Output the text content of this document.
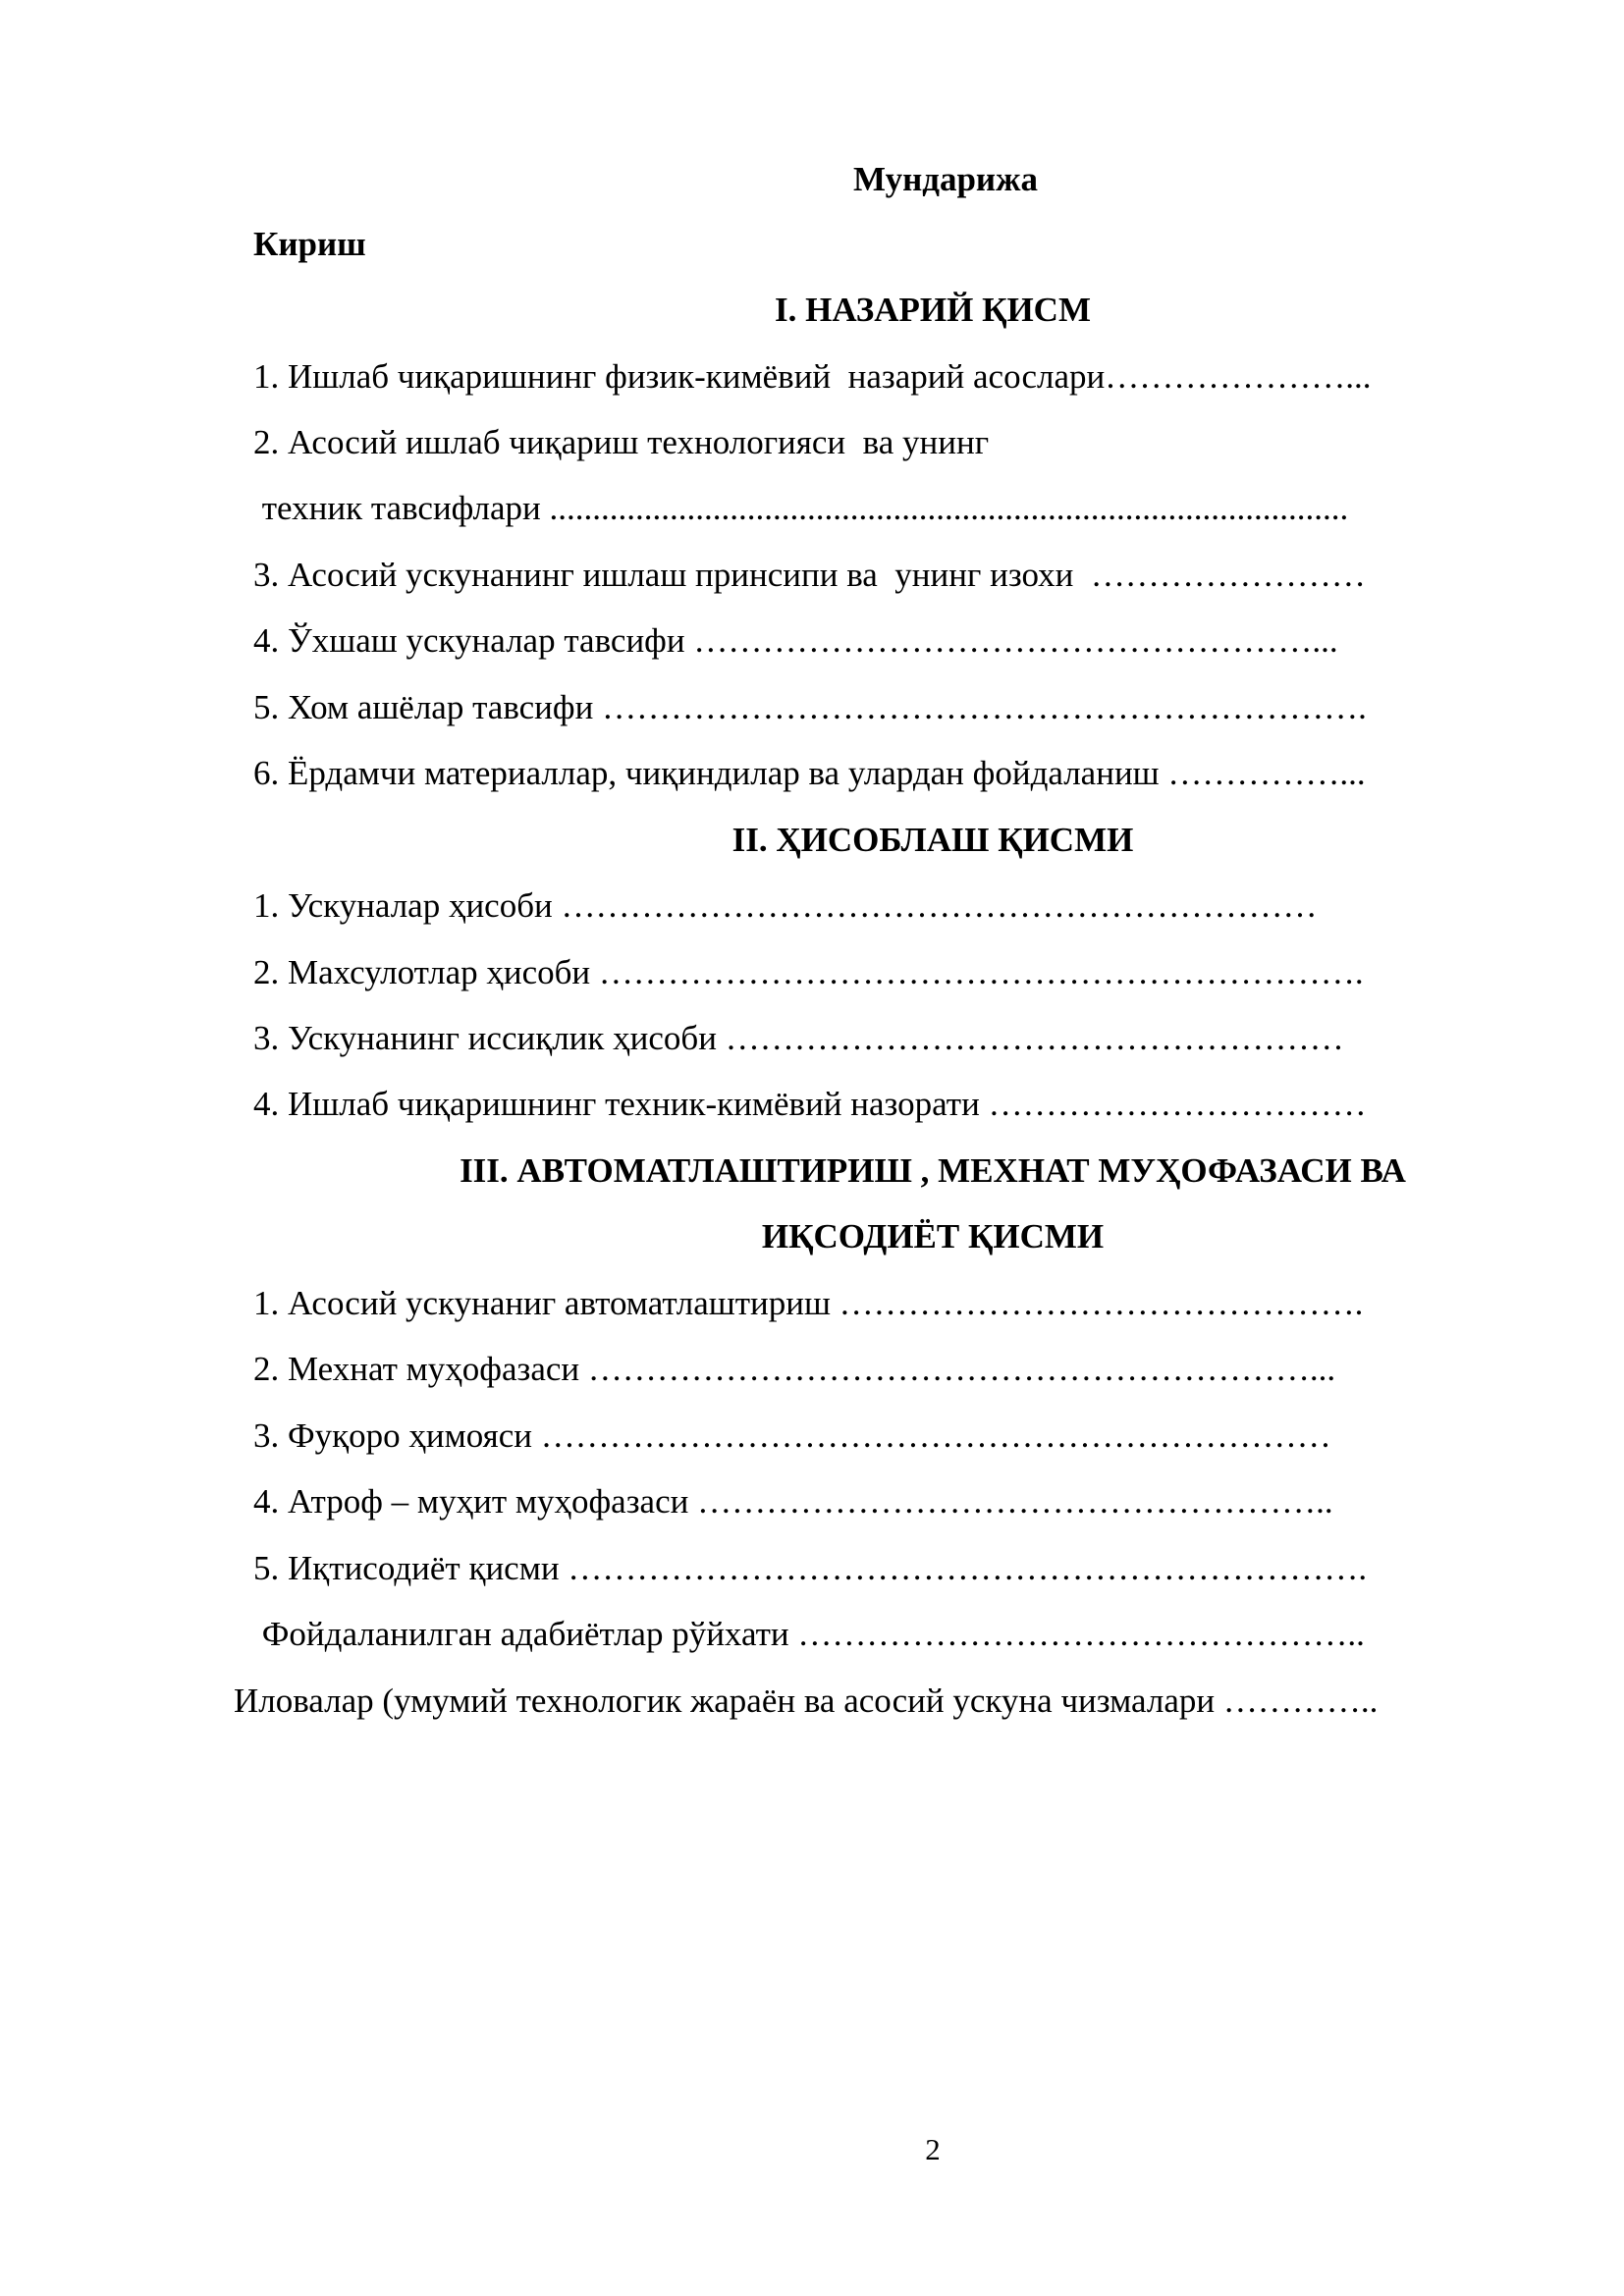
Мундарижа
Кириш
I. НАЗАРИЙ ҚИСМ
1. Ишлаб чиқаришнинг физик-кимёвий  назарий асослари…………………...
2. Асосий ишлаб чиқариш технологияси  ва унинг
техник тавсифлари .............................................................................................
3. Асосий ускунанинг ишлаш принсипи ва  унинг изохи  ……………………
4. Ўхшаш ускуналар тавсифи ………………………………………………...
5. Хом ашёлар тавсифи ………………………………………………………….
6. Ёрдамчи материаллар, чиқиндилар ва улардан фойдаланиш ……………...
II. ҲИСОБЛАШ ҚИСМИ
1. Ускуналар ҳисоби …………………………………………………………
2. Махсулотлар ҳисоби ………………………………………………………….
3. Ускунанинг иссиқлик ҳисоби ………………………………………………
4. Ишлаб чиқаришнинг техник-кимёвий назорати ……………………………
III. АВТОМАТЛАШТИРИШ , МЕХНАТ МУҲОФАЗАСИ ВА
ИҚСОДИЁТ ҚИСМИ
1. Асосий ускунаниг автоматлаштириш ……………………………………….
2. Мехнат муҳофазаси ………………………………………………………...
3. Фуқоро ҳимояси ……………………………………………………………
4. Атроф – муҳит муҳофазаси ………………………………………………..
5. Иқтисодиёт қисми …………………………………………………………….
Фойдаланилган адабиётлар рўйхати …………………………………………..
Иловалар (умумий технологик жараён ва асосий ускуна чизмалари …………..
2
